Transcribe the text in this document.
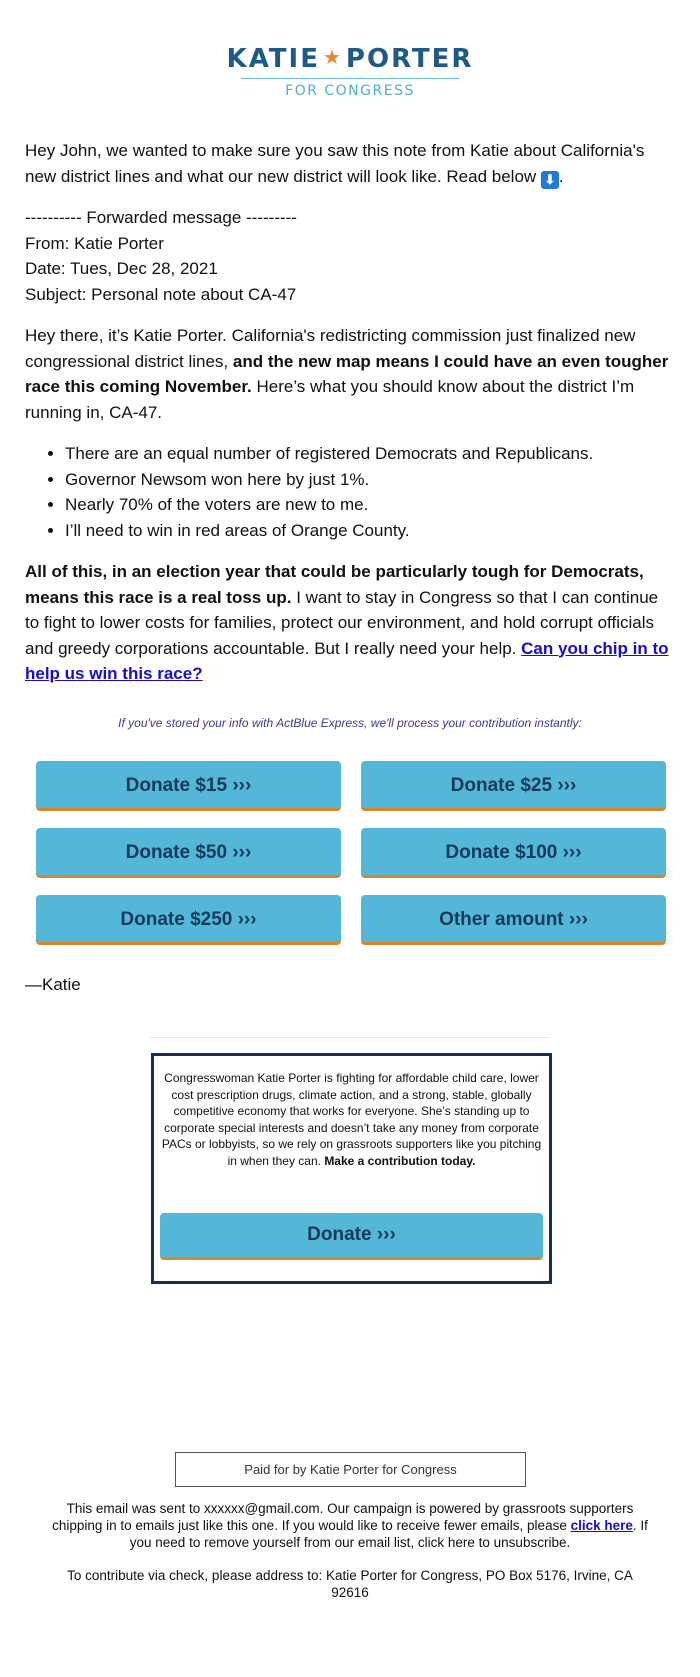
KATIE ★ PORTER
FOR CONGRESS

Hey John, we wanted to make sure you saw this note from Katie about California's new district lines and what our new district will look like. Read below ⬇ .

---------- Forwarded message ---------
From: Katie Porter
Date: Tues, Dec 28, 2021
Subject: Personal note about CA-47

Hey there, it’s Katie Porter. California's redistricting commission just finalized new congressional district lines, and the new map means I could have an even tougher race this coming November. Here’s what you should know about the district I’m running in, CA-47.

• There are an equal number of registered Democrats and Republicans.
• Governor Newsom won here by just 1%.
• Nearly 70% of the voters are new to me.
• I’ll need to win in red areas of Orange County.

All of this, in an election year that could be particularly tough for Democrats, means this race is a real toss up. I want to stay in Congress so that I can continue to fight to lower costs for families, protect our environment, and hold corrupt officials and greedy corporations accountable. But I really need your help. Can you chip in to help us win this race?

If you've stored your info with ActBlue Express, we'll process your contribution instantly:
Donate $15 ›››	Donate $25 ›››
Donate $50 ›››	Donate $100 ›››
Donate $250 ›››	Other amount ›››
—Katie
Congresswoman Katie Porter is fighting for affordable child care, lower cost prescription drugs, climate action, and a strong, stable, globally competitive economy that works for everyone. She’s standing up to corporate special interests and doesn’t take any money from corporate PACs or lobbyists, so we rely on grassroots supporters like you pitching in when they can. Make a contribution today.
Donate ›››
Paid for by Katie Porter for Congress

This email was sent to xxxxxx@gmail.com. Our campaign is powered by grassroots supporters chipping in to emails just like this one. If you would like to receive fewer emails, please click here. If you need to remove yourself from our email list, click here to unsubscribe.

To contribute via check, please address to: Katie Porter for Congress, PO Box 5176, Irvine, CA 92616
